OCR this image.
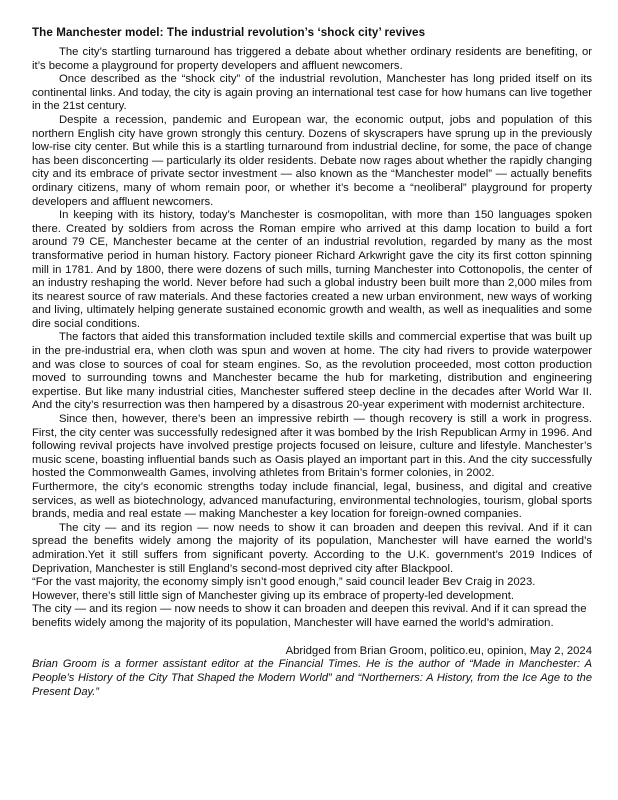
The Manchester model: The industrial revolution’s ‘shock city’ revives

The city’s startling turnaround has triggered a debate about whether ordinary residents are benefiting, or it’s become a playground for property developers and affluent newcomers.

Once described as the “shock city” of the industrial revolution, Manchester has long prided itself on its continental links. And today, the city is again proving an international test case for how humans can live together in the 21st century.

Despite a recession, pandemic and European war, the economic output, jobs and population of this northern English city have grown strongly this century. Dozens of skyscrapers have sprung up in the previously low-rise city center. But while this is a startling turnaround from industrial decline, for some, the pace of change has been disconcerting — particularly its older residents. Debate now rages about whether the rapidly changing city and its embrace of private sector investment — also known as the “Manchester model” — actually benefits ordinary citizens, many of whom remain poor, or whether it’s become a “neoliberal” playground for property developers and affluent newcomers.

In keeping with its history, today’s Manchester is cosmopolitan, with more than 150 languages spoken there. Created by soldiers from across the Roman empire who arrived at this damp location to build a fort around 79 CE, Manchester became at the center of an industrial revolution, regarded by many as the most transformative period in human history. Factory pioneer Richard Arkwright gave the city its first cotton spinning mill in 1781. And by 1800, there were dozens of such mills, turning Manchester into Cottonopolis, the center of an industry reshaping the world. Never before had such a global industry been built more than 2,000 miles from its nearest source of raw materials. And these factories created a new urban environment, new ways of working and living, ultimately helping generate sustained economic growth and wealth, as well as inequalities and some dire social conditions.

The factors that aided this transformation included textile skills and commercial expertise that was built up in the pre-industrial era, when cloth was spun and woven at home. The city had rivers to provide waterpower and was close to sources of coal for steam engines. So, as the revolution proceeded, most cotton production moved to surrounding towns and Manchester became the hub for marketing, distribution and engineering expertise. But like many industrial cities, Manchester suffered steep decline in the decades after World War II. And the city’s resurrection was then hampered by a disastrous 20-year experiment with modernist architecture.

Since then, however, there’s been an impressive rebirth — though recovery is still a work in progress. First, the city center was successfully redesigned after it was bombed by the Irish Republican Army in 1996. And following revival projects have involved prestige projects focused on leisure, culture and lifestyle. Manchester’s music scene, boasting influential bands such as Oasis played an important part in this. And the city successfully hosted the Commonwealth Games, involving athletes from Britain’s former colonies, in 2002.

Furthermore, the city’s economic strengths today include financial, legal, business, and digital and creative services, as well as biotechnology, advanced manufacturing, environmental technologies, tourism, global sports brands, media and real estate — making Manchester a key location for foreign-owned companies.

The city — and its region — now needs to show it can broaden and deepen this revival. And if it can spread the benefits widely among the majority of its population, Manchester will have earned the world’s admiration.Yet it still suffers from significant poverty. According to the U.K. government’s 2019 Indices of Deprivation, Manchester is still England’s second-most deprived city after Blackpool.

“For the vast majority, the economy simply isn’t good enough,” said council leader Bev Craig in 2023.

However, there’s still little sign of Manchester giving up its embrace of property-led development.

The city — and its region — now needs to show it can broaden and deepen this revival. And if it can spread the benefits widely among the majority of its population, Manchester will have earned the world’s admiration.

Abridged from Brian Groom, politico.eu, opinion, May 2, 2024

Brian Groom is a former assistant editor at the Financial Times. He is the author of “Made in Manchester: A People’s History of the City That Shaped the Modern World” and “Northerners: A History, from the Ice Age to the Present Day.”
